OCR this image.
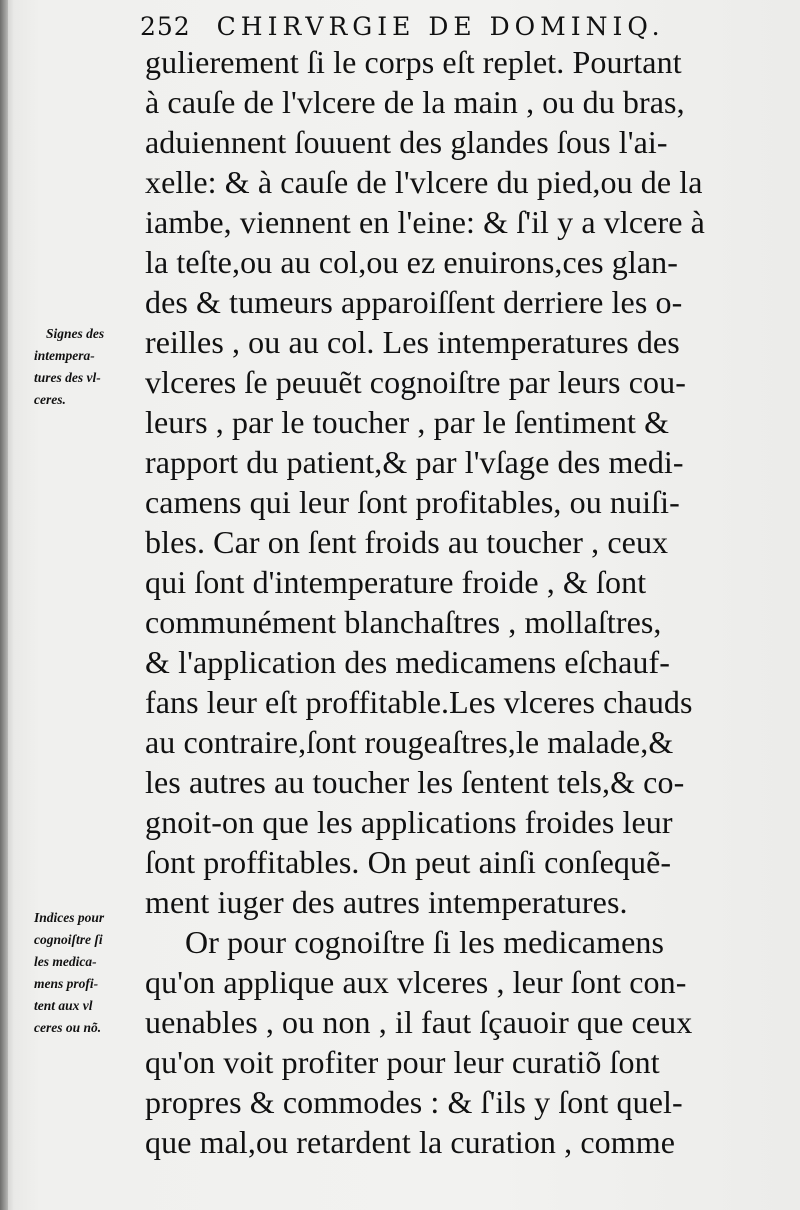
252 CHIRVRGIE DE DOMINIQ.
gulierement ſi le corps eſt replet. Pourtant
à cauſe de l'vlcere de la main , ou du bras,
aduiennent ſouuent des glandes ſous l'ai-
xelle: & à cauſe de l'vlcere du pied,ou de la
iambe, viennent en l'eine: & ſ'il y a vlcere à
la teſte,ou au col,ou ez enuirons,ces glan-
des & tumeurs apparoiſſent derriere les o-
reilles , ou au col. Les intemperatures des
vlceres ſe peuuẽt cognoiſtre par leurs cou-
leurs , par le toucher , par le ſentiment &
rapport du patient,& par l'vſage des medi-
camens qui leur ſont profitables, ou nuiſi-
bles. Car on ſent froids au toucher , ceux
qui ſont d'intemperature froide , & ſont
communément blanchaſtres , mollaſtres,
& l'application des medicamens eſchauf-
fans leur eſt proffitable.Les vlceres chauds
au contraire,ſont rougeaſtres,le malade,&
les autres au toucher les ſentent tels,& co-
gnoit-on que les applications froides leur
ſont proffitables. On peut ainſi conſequẽ-
ment iuger des autres intemperatures.
Or pour cognoiſtre ſi les medicamens
qu'on applique aux vlceres , leur ſont con-
uenables , ou non , il faut ſçauoir que ceux
qu'on voit profiter pour leur curatiõ ſont
propres & commodes : & ſ'ils y ſont quel-
que mal,ou retardent la curation , comme
Signes des
intempera-
tures des vl-
ceres.
Indices pour
cognoiſtre ſi
les medica-
mens profi-
tent aux vl
ceres ou nõ.
